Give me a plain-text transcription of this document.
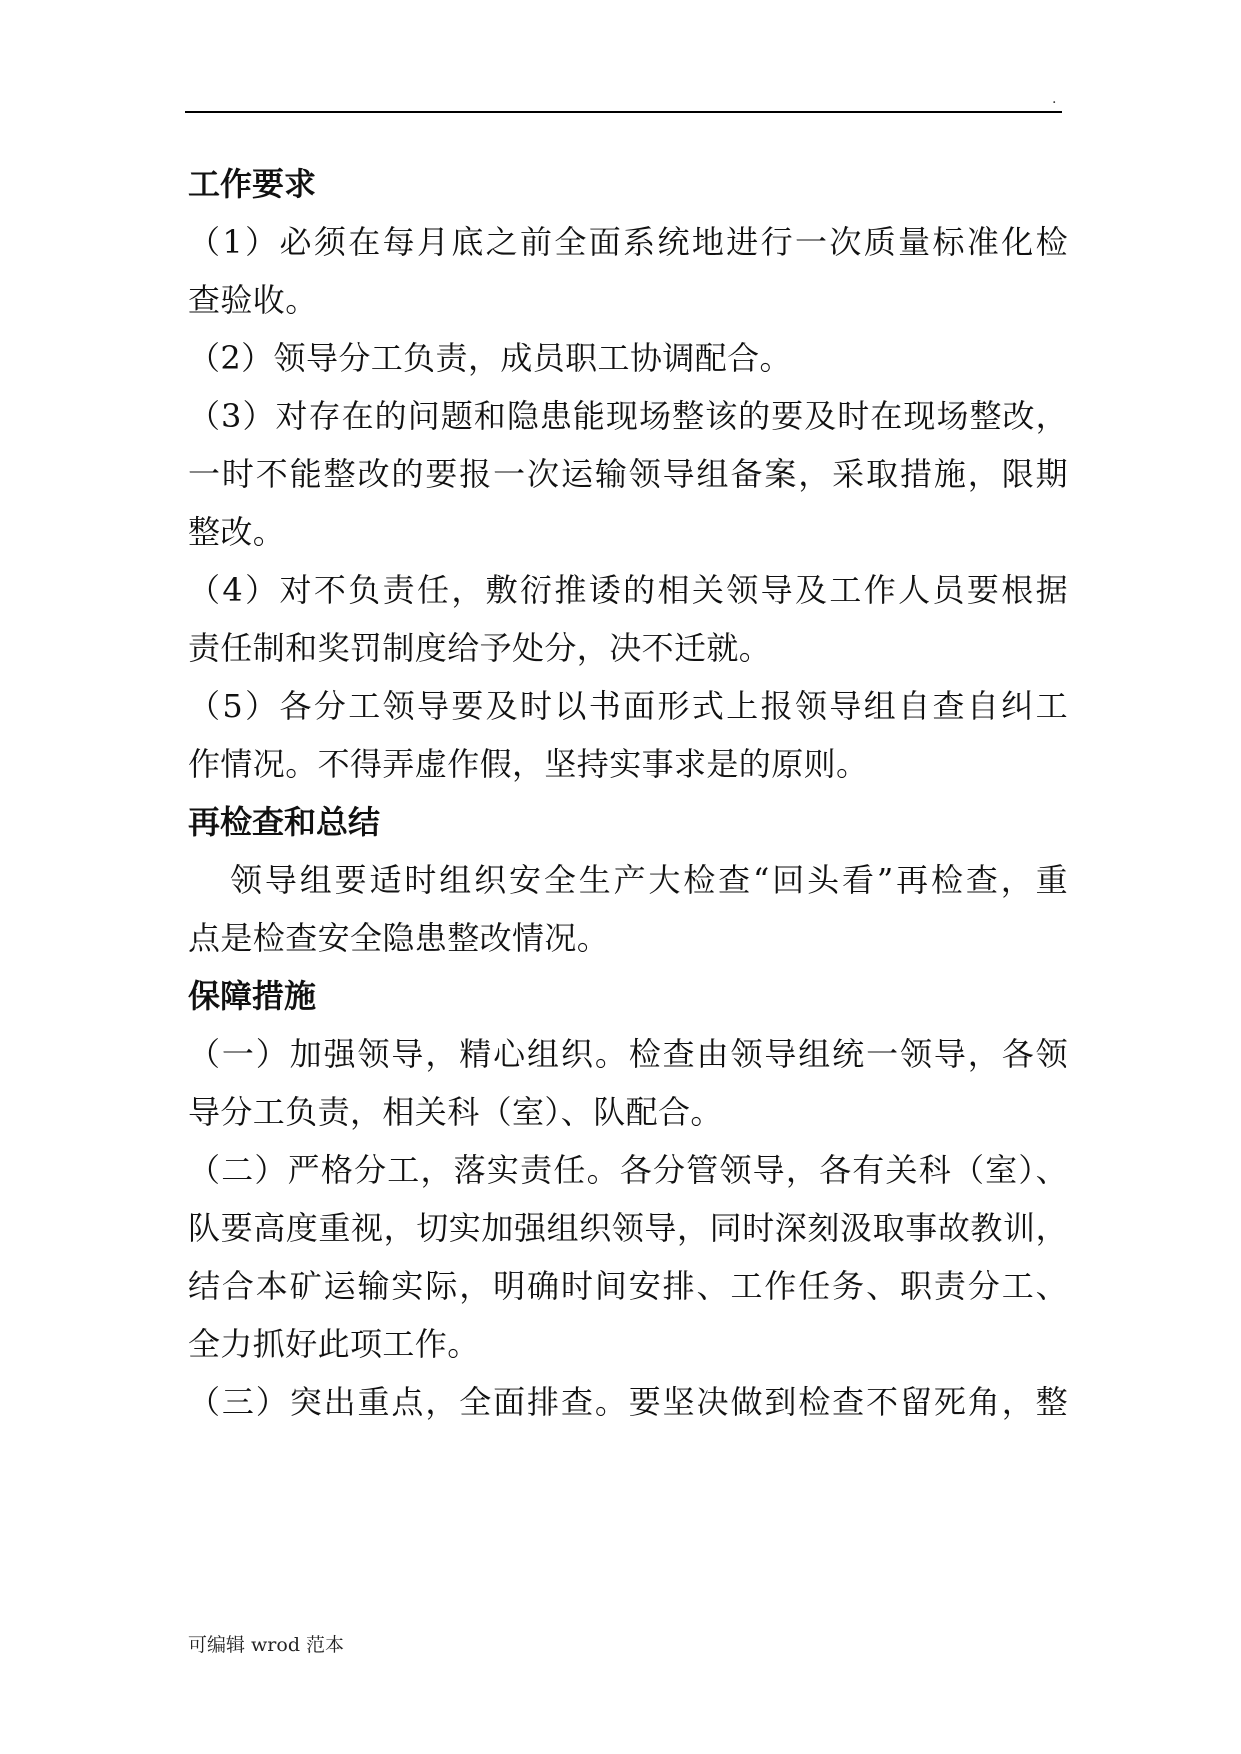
.
工作要求
（1）必须在每月底之前全面系统地进行一次质量标准化检
查验收。
（2）领导分工负责，成员职工协调配合。
（3）对存在的问题和隐患能现场整该的要及时在现场整改，
一时不能整改的要报一次运输领导组备案，采取措施，限期
整改。
（4）对不负责任，敷衍推诿的相关领导及工作人员要根据
责任制和奖罚制度给予处分，决不迁就。
（5）各分工领导要及时以书面形式上报领导组自查自纠工
作情况。不得弄虚作假，坚持实事求是的原则。
再检查和总结
领导组要适时组织安全生产大检查“回头看”再检查，重
点是检查安全隐患整改情况。
保障措施
（一）加强领导，精心组织。检查由领导组统一领导，各领
导分工负责，相关科（室）、队配合。
（二）严格分工，落实责任。各分管领导，各有关科（室）、
队要高度重视，切实加强组织领导，同时深刻汲取事故教训，
结合本矿运输实际，明确时间安排、工作任务、职责分工、
全力抓好此项工作。
（三）突出重点，全面排查。要坚决做到检查不留死角，整
可编辑 wrod 范本
